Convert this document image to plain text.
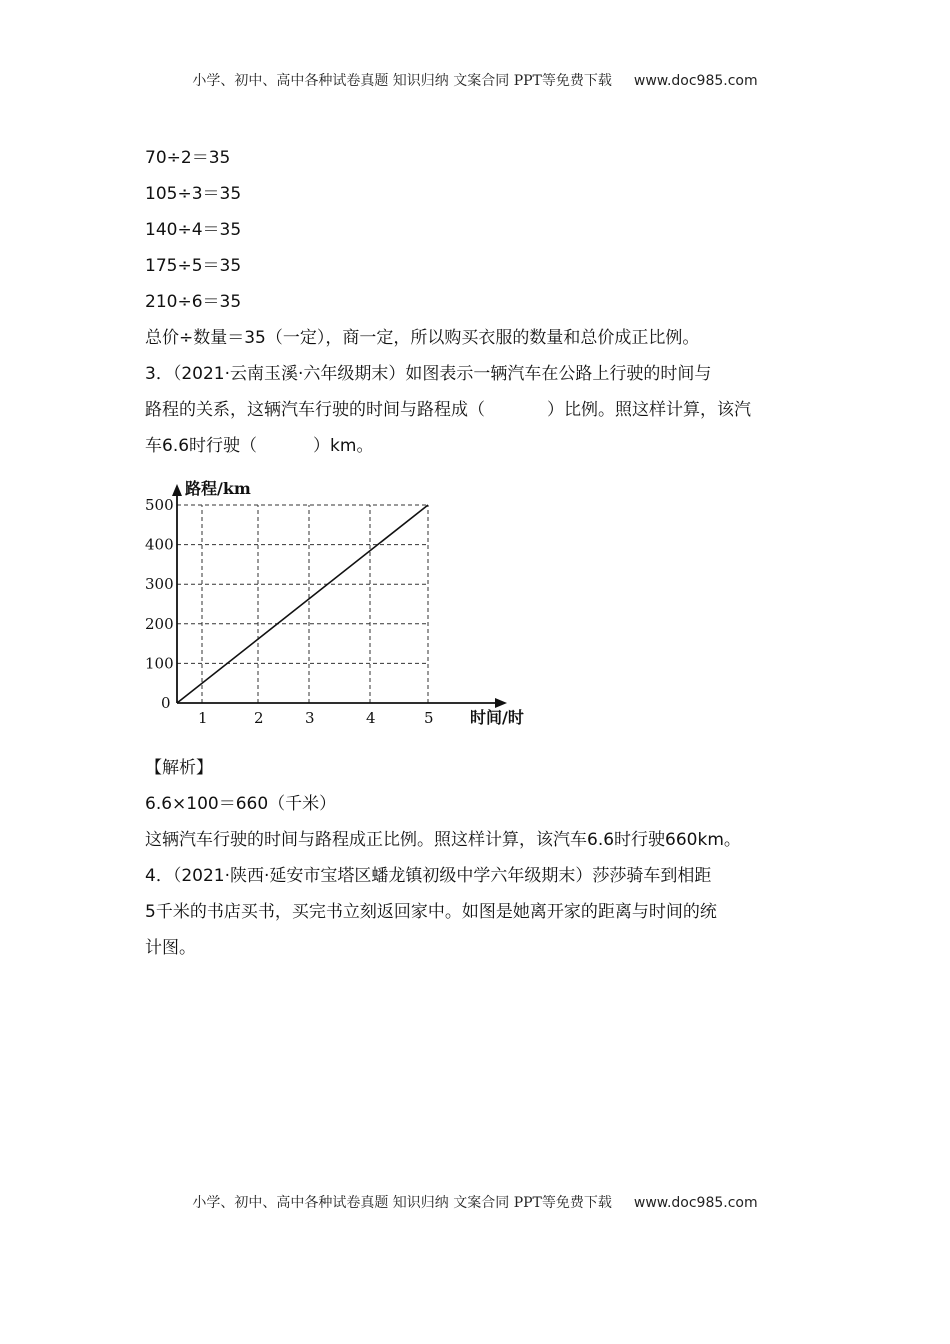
小学、初中、高中各种试卷真题 知识归纳 文案合同 PPT等免费下载 www.doc985.com
70÷2＝35
105÷3＝35
140÷4＝35
175÷5＝35
210÷6＝35
总价÷数量＝35（一定），商一定，所以购买衣服的数量和总价成正比例。
3．（2021·云南玉溪·六年级期末）如图表示一辆汽车在公路上行驶的时间与
路程的关系，这辆汽车行驶的时间与路程成（	）比例。照这样计算，该汽
车6.6时行驶（	）km。
路程/km
时间/时
0
1	2	3	4	5
100
200
300
400
500
【解析】
6.6×100＝660（千米）
这辆汽车行驶的时间与路程成正比例。照这样计算，该汽车6.6时行驶660km。
4．（2021·陕西·延安市宝塔区蟠龙镇初级中学六年级期末）莎莎骑车到相距
5千米的书店买书，买完书立刻返回家中。如图是她离开家的距离与时间的统
计图。
小学、初中、高中各种试卷真题 知识归纳 文案合同 PPT等免费下载 www.doc985.com
